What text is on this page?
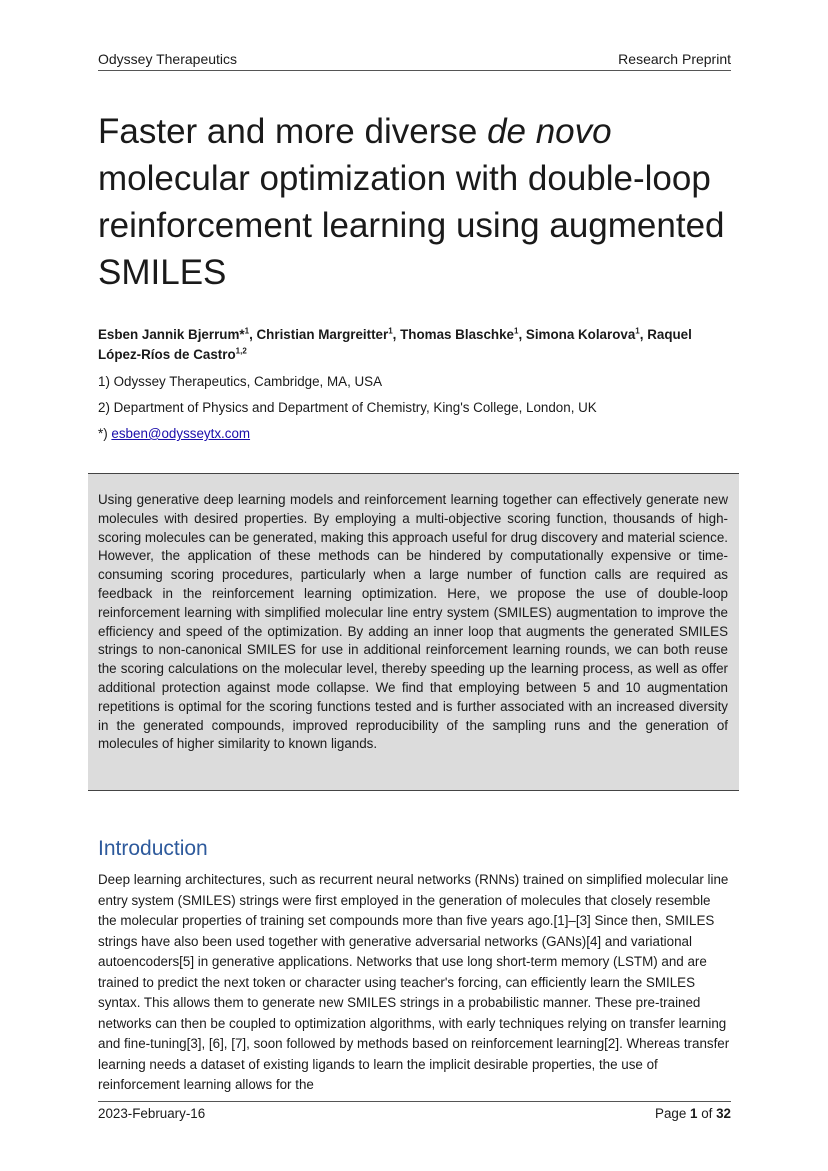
Odyssey Therapeutics	Research Preprint
Faster and more diverse de novo molecular optimization with double-loop reinforcement learning using augmented SMILES
Esben Jannik Bjerrum*$^1$, Christian Margreitter$^1$, Thomas Blaschke$^1$, Simona Kolarova$^1$, Raquel López-Ríos de Castro$^{1,2}$
1) Odyssey Therapeutics, Cambridge, MA, USA
2) Department of Physics and Department of Chemistry, King's College, London, UK
*) esben@odysseytx.com
Using generative deep learning models and reinforcement learning together can effectively generate new molecules with desired properties. By employing a multi-objective scoring function, thousands of high-scoring molecules can be generated, making this approach useful for drug discovery and material science. However, the application of these methods can be hindered by computationally expensive or time-consuming scoring procedures, particularly when a large number of function calls are required as feedback in the reinforcement learning optimization. Here, we propose the use of double-loop reinforcement learning with simplified molecular line entry system (SMILES) augmentation to improve the efficiency and speed of the optimization. By adding an inner loop that augments the generated SMILES strings to non-canonical SMILES for use in additional reinforcement learning rounds, we can both reuse the scoring calculations on the molecular level, thereby speeding up the learning process, as well as offer additional protection against mode collapse. We find that employing between 5 and 10 augmentation repetitions is optimal for the scoring functions tested and is further associated with an increased diversity in the generated compounds, improved reproducibility of the sampling runs and the generation of molecules of higher similarity to known ligands.
Introduction
Deep learning architectures, such as recurrent neural networks (RNNs) trained on simplified molecular line entry system (SMILES) strings were first employed in the generation of molecules that closely resemble the molecular properties of training set compounds more than five years ago.[1]–[3] Since then, SMILES strings have also been used together with generative adversarial networks (GANs)[4] and variational autoencoders[5] in generative applications. Networks that use long short-term memory (LSTM) and are trained to predict the next token or character using teacher's forcing, can efficiently learn the SMILES syntax. This allows them to generate new SMILES strings in a probabilistic manner. These pre-trained networks can then be coupled to optimization algorithms, with early techniques relying on transfer learning and fine-tuning[3], [6], [7], soon followed by methods based on reinforcement learning[2]. Whereas transfer learning needs a dataset of existing ligands to learn the implicit desirable properties, the use of reinforcement learning allows for the
2023-February-16	Page 1 of 32
